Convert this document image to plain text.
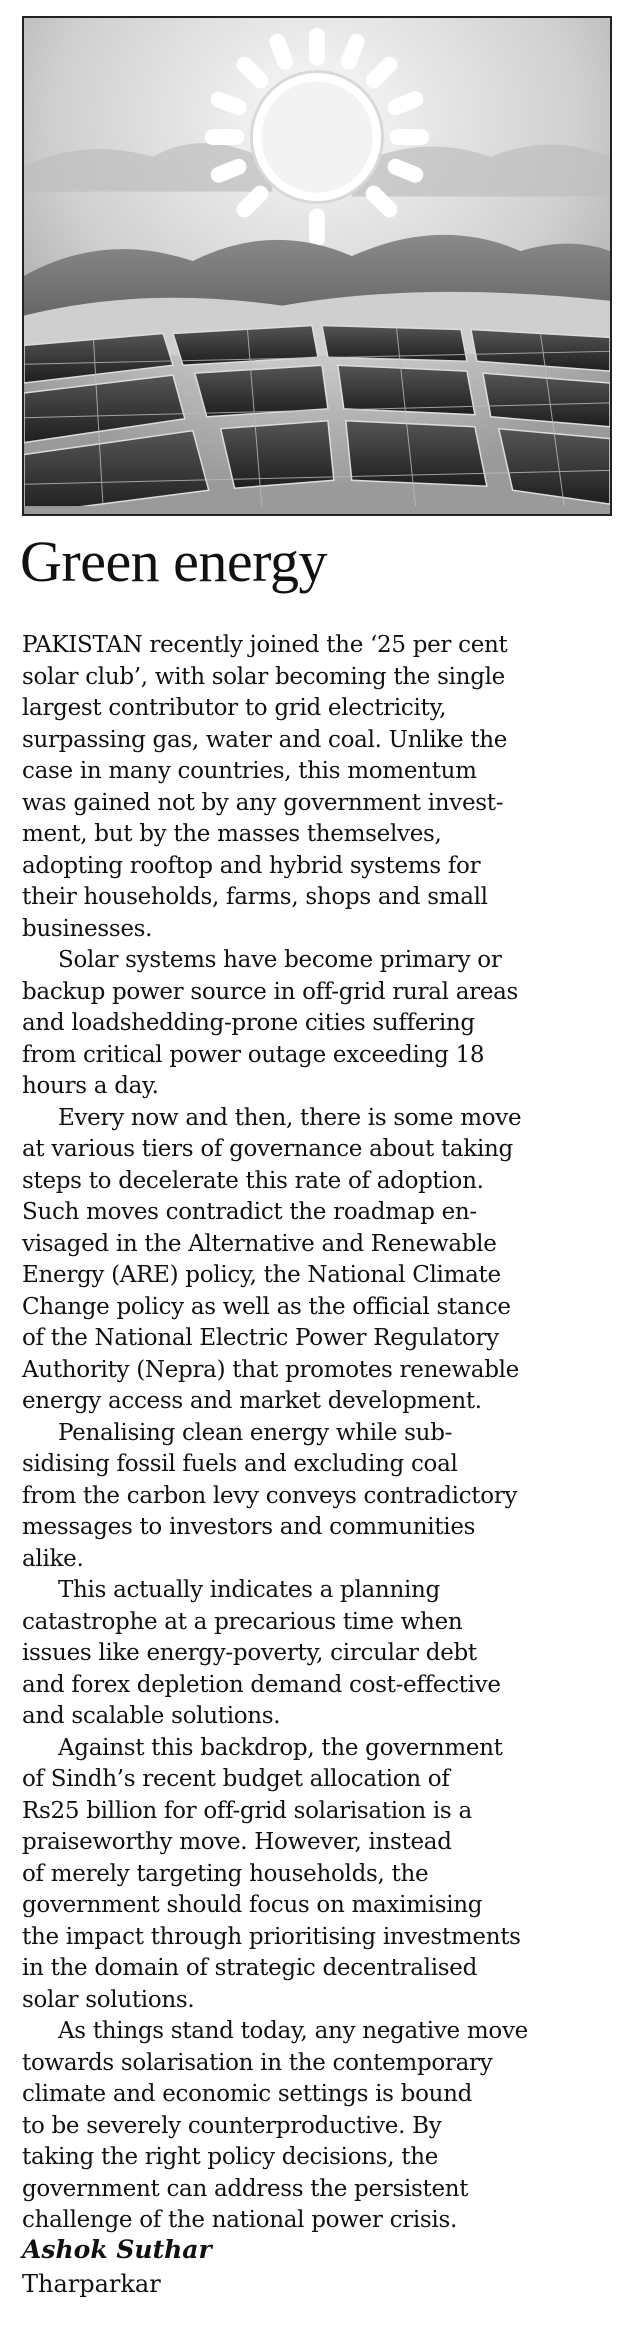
Green energy

PAKISTAN recently joined the ‘25 per cent
solar club’, with solar becoming the single
largest contributor to grid electricity,
surpassing gas, water and coal. Unlike the
case in many countries, this momentum
was gained not by any government invest-
ment, but by the masses themselves,
adopting rooftop and hybrid systems for
their households, farms, shops and small
businesses.

Solar systems have become primary or
backup power source in off-grid rural areas
and loadshedding-prone cities suffering
from critical power outage exceeding 18
hours a day.

Every now and then, there is some move
at various tiers of governance about taking
steps to decelerate this rate of adoption.
Such moves contradict the roadmap en-
visaged in the Alternative and Renewable
Energy (ARE) policy, the National Climate
Change policy as well as the official stance
of the National Electric Power Regulatory
Authority (Nepra) that promotes renewable
energy access and market development.

Penalising clean energy while sub-
sidising fossil fuels and excluding coal
from the carbon levy conveys contradictory
messages to investors and communities
alike.

This actually indicates a planning
catastrophe at a precarious time when
issues like energy-poverty, circular debt
and forex depletion demand cost-effective
and scalable solutions.

Against this backdrop, the government
of Sindh’s recent budget allocation of
Rs25 billion for off-grid solarisation is a
praiseworthy move. However, instead
of merely targeting households, the
government should focus on maximising
the impact through prioritising investments
in the domain of strategic decentralised
solar solutions.

As things stand today, any negative move
towards solarisation in the contemporary
climate and economic settings is bound
to be severely counterproductive. By
taking the right policy decisions, the
government can address the persistent
challenge of the national power crisis.

Ashok Suthar
Tharparkar
